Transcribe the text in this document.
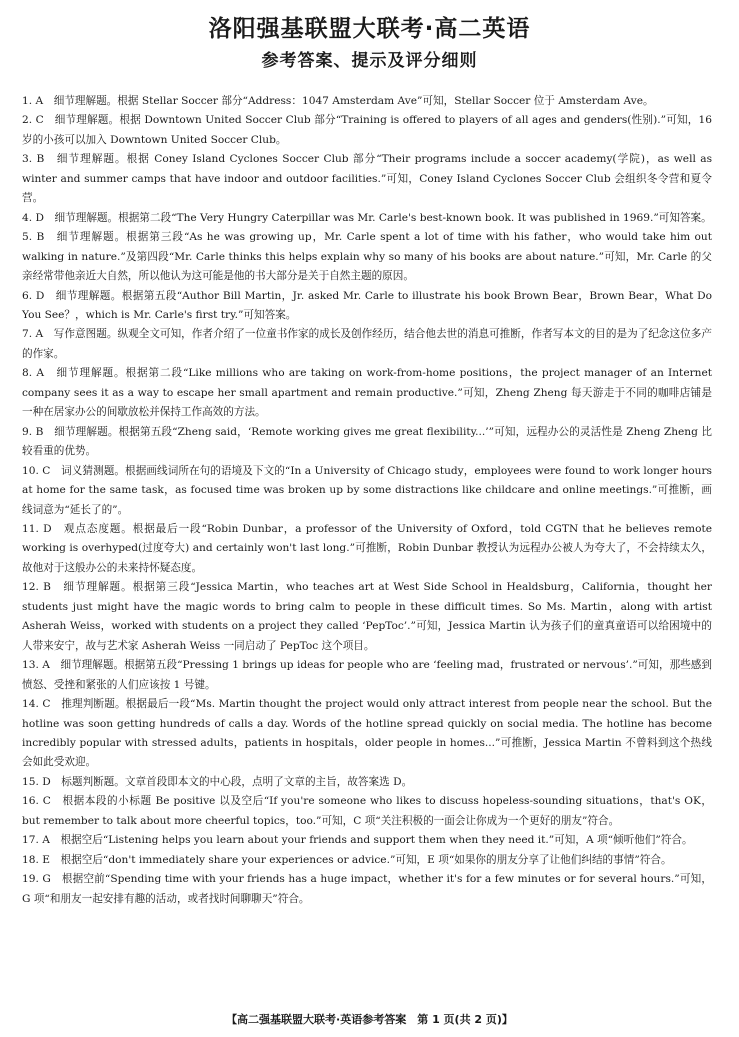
洛阳强基联盟大联考·高二英语
参考答案、提示及评分细则
1. A　细节理解题。根据 Stellar Soccer 部分“Address：1047 Amsterdam Ave”可知，Stellar Soccer 位于 Amsterdam Ave。
2. C　细节理解题。根据 Downtown United Soccer Club 部分“Training is offered to players of all ages and genders(性别).”可知，16 岁的小孩可以加入 Downtown United Soccer Club。
3. B　细节理解题。根据 Coney Island Cyclones Soccer Club 部分“Their programs include a soccer academy(学院)，as well as winter and summer camps that have indoor and outdoor facilities.”可知，Coney Island Cyclones Soccer Club 会组织冬令营和夏令营。
4. D　细节理解题。根据第二段“The Very Hungry Caterpillar was Mr. Carle's best-known book. It was published in 1969.”可知答案。
5. B　细节理解题。根据第三段“As he was growing up，Mr. Carle spent a lot of time with his father，who would take him out walking in nature.”及第四段“Mr. Carle thinks this helps explain why so many of his books are about nature.”可知，Mr. Carle 的父亲经常带他亲近大自然，所以他认为这可能是他的书大部分是关于自然主题的原因。
6. D　细节理解题。根据第五段“Author Bill Martin，Jr. asked Mr. Carle to illustrate his book Brown Bear，Brown Bear，What Do You See？，which is Mr. Carle's first try.”可知答案。
7. A　写作意图题。纵观全文可知，作者介绍了一位童书作家的成长及创作经历，结合他去世的消息可推断，作者写本文的目的是为了纪念这位多产的作家。
8. A　细节理解题。根据第二段“Like millions who are taking on work-from-home positions，the project manager of an Internet company sees it as a way to escape her small apartment and remain productive.”可知，Zheng Zheng 每天游走于不同的咖啡店铺是一种在居家办公的间歇放松并保持工作高效的方法。
9. B　细节理解题。根据第五段“Zheng said，‘Remote working gives me great flexibility...’”可知，远程办公的灵活性是 Zheng Zheng 比较看重的优势。
10. C　词义猜测题。根据画线词所在句的语境及下文的“In a University of Chicago study，employees were found to work longer hours at home for the same task，as focused time was broken up by some distractions like childcare and online meetings.”可推断，画线词意为“延长了的”。
11. D　观点态度题。根据最后一段“Robin Dunbar，a professor of the University of Oxford，told CGTN that he believes remote working is overhyped(过度夸大) and certainly won't last long.”可推断，Robin Dunbar 教授认为远程办公被人为夸大了，不会持续太久，故他对于这般办公的未来持怀疑态度。
12. B　细节理解题。根据第三段“Jessica Martin，who teaches art at West Side School in Healdsburg，California，thought her students just might have the magic words to bring calm to people in these difficult times. So Ms. Martin，along with artist Asherah Weiss，worked with students on a project they called ‘PepToc’.”可知，Jessica Martin 认为孩子们的童真童语可以给困境中的人带来安宁，故与艺术家 Asherah Weiss 一同启动了 PepToc 这个项目。
13. A　细节理解题。根据第五段“Pressing 1 brings up ideas for people who are ‘feeling mad，frustrated or nervous’.”可知，那些感到愤怒、受挫和紧张的人们应该按 1 号键。
14. C　推理判断题。根据最后一段“Ms. Martin thought the project would only attract interest from people near the school. But the hotline was soon getting hundreds of calls a day. Words of the hotline spread quickly on social media. The hotline has become incredibly popular with stressed adults，patients in hospitals，older people in homes...”可推断，Jessica Martin 不曾料到这个热线会如此受欢迎。
15. D　标题判断题。文章首段即本文的中心段，点明了文章的主旨，故答案选 D。
16. C　根据本段的小标题 Be positive 以及空后“If you're someone who likes to discuss hopeless-sounding situations，that's OK，but remember to talk about more cheerful topics，too.”可知，C 项“关注积极的一面会让你成为一个更好的朋友”符合。
17. A　根据空后“Listening helps you learn about your friends and support them when they need it.”可知，A 项“倾听他们”符合。
18. E　根据空后“don't immediately share your experiences or advice.”可知，E 项“如果你的朋友分享了让他们纠结的事情”符合。
19. G　根据空前“Spending time with your friends has a huge impact，whether it's for a few minutes or for several hours.”可知，G 项“和朋友一起安排有趣的活动，或者找时间聊聊天”符合。
【高二强基联盟大联考·英语参考答案　第 1 页(共 2 页)】
